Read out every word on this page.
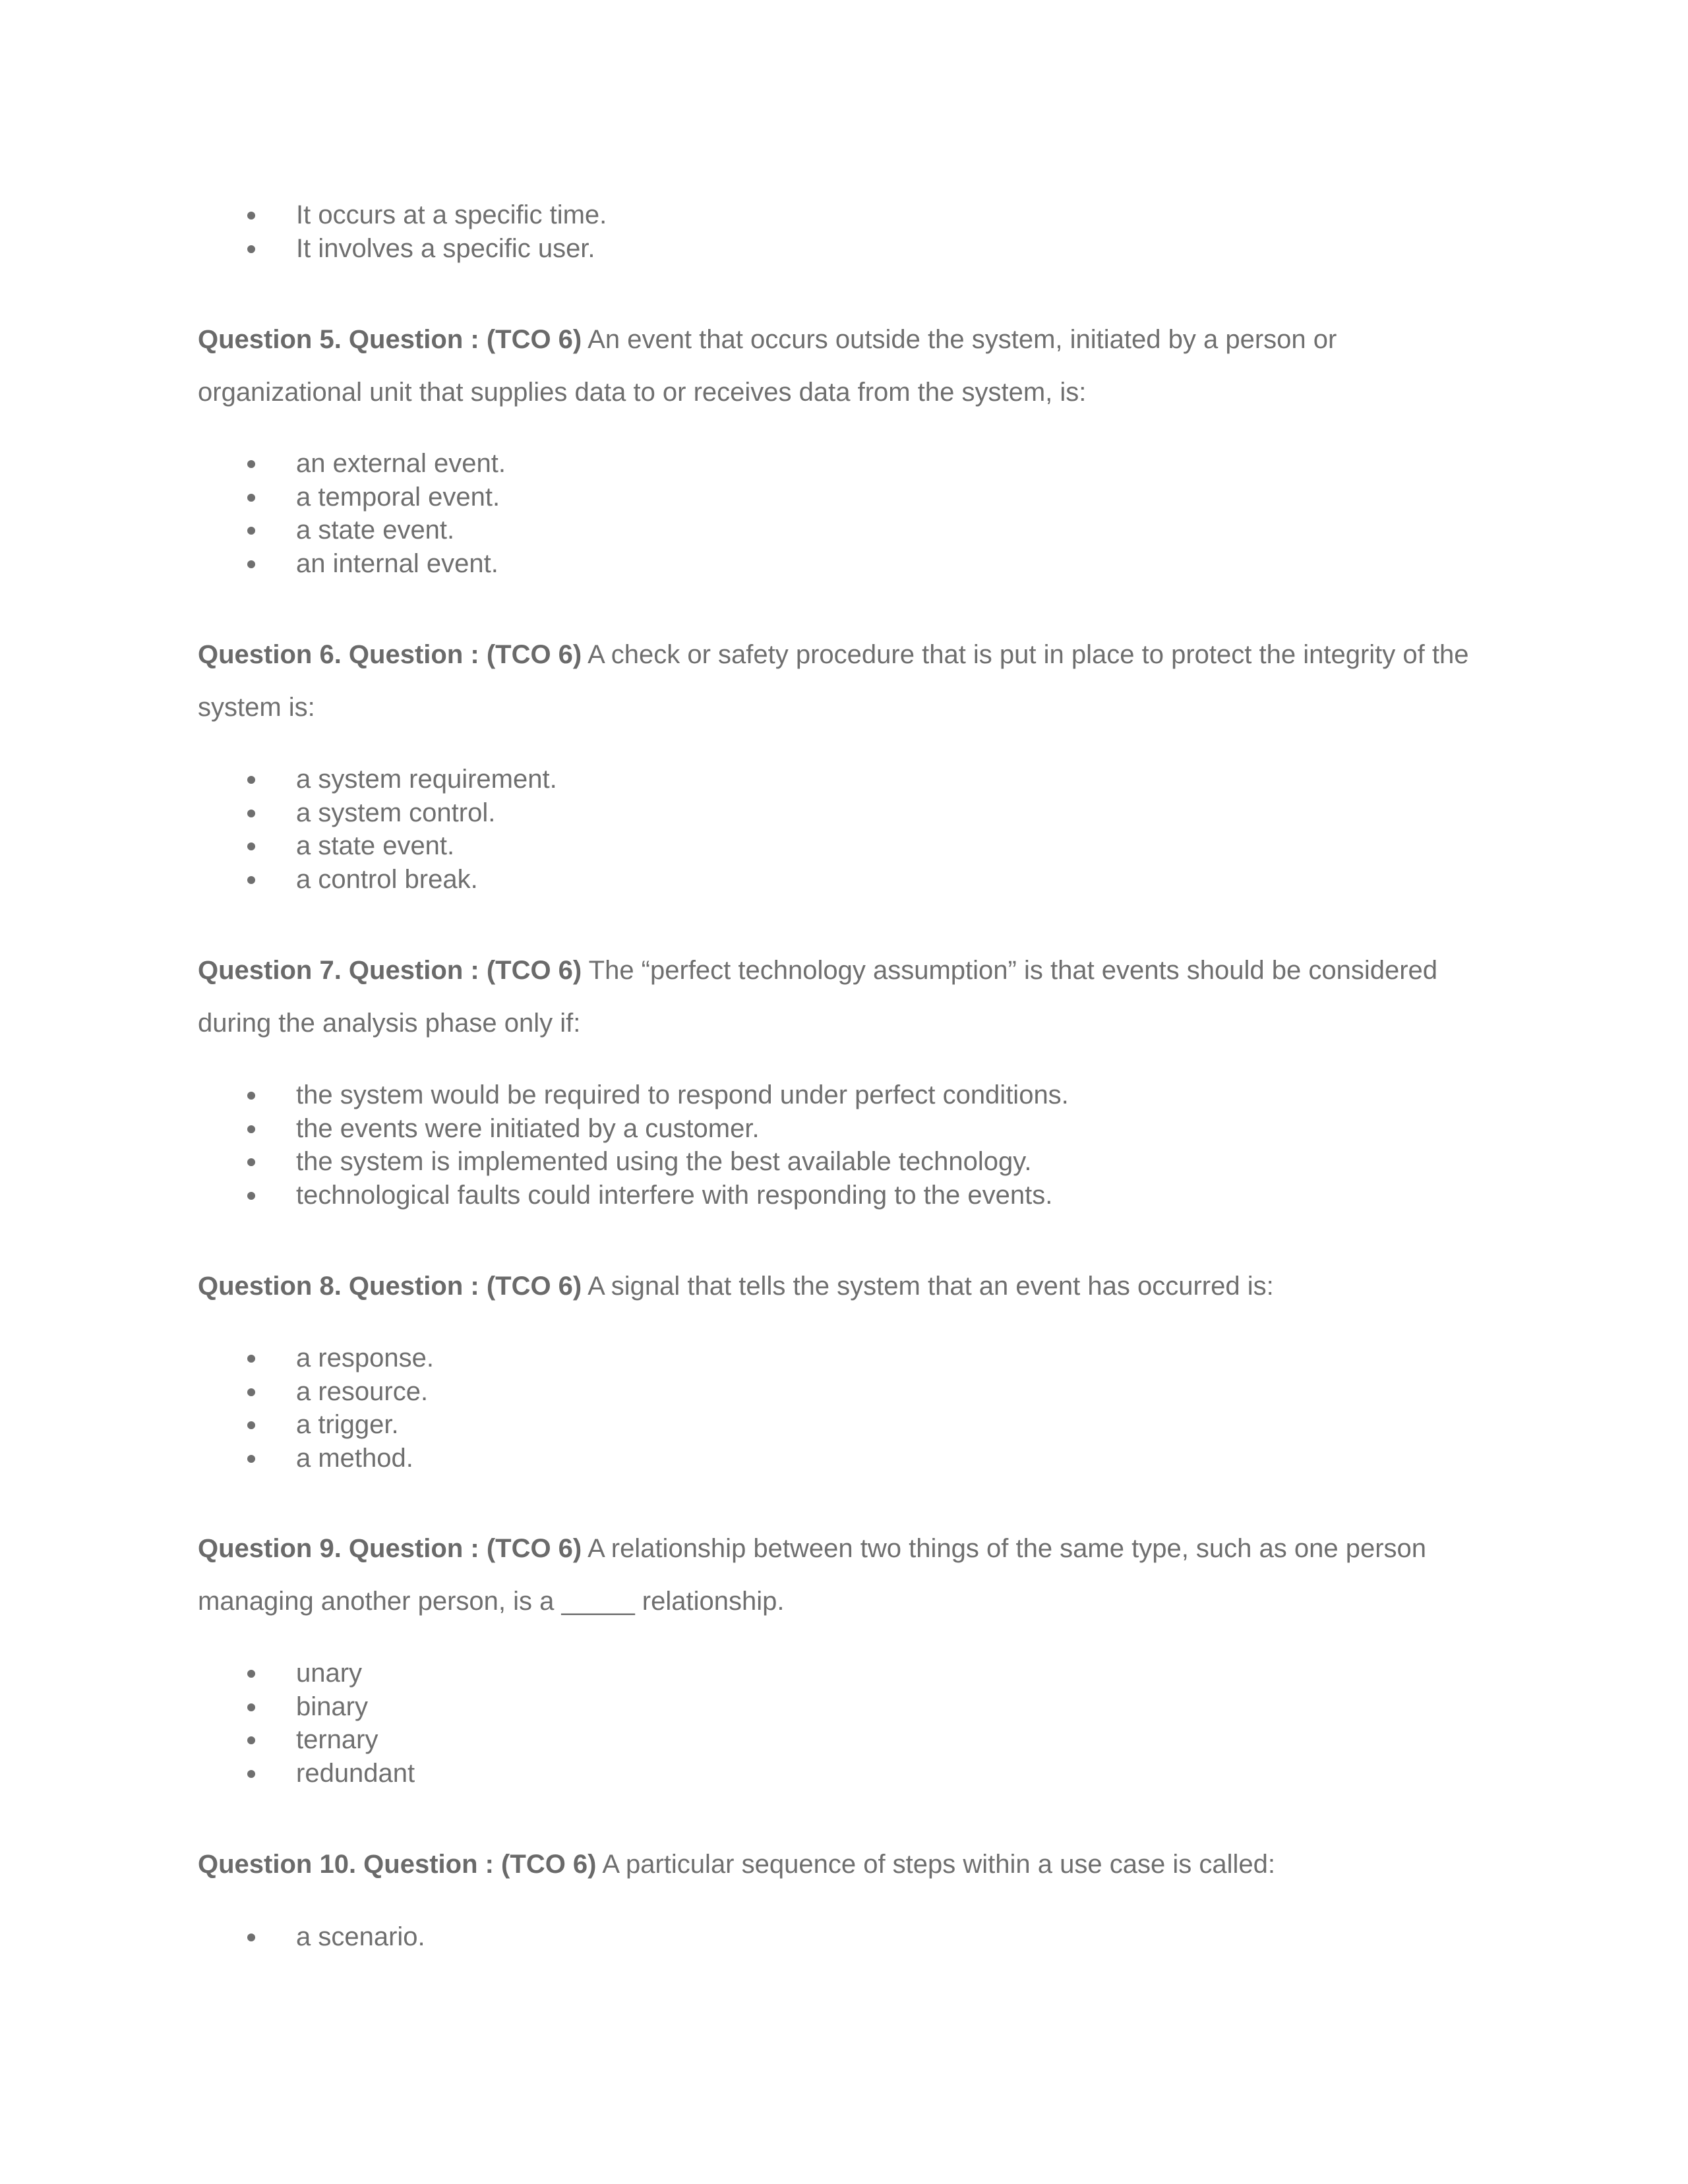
It occurs at a specific time.
It involves a specific user.

Question 5. Question : (TCO 6) An event that occurs outside the system, initiated by a person or organizational unit that supplies data to or receives data from the system, is:

an external event.
a temporal event.
a state event.
an internal event.

Question 6. Question : (TCO 6) A check or safety procedure that is put in place to protect the integrity of the system is:

a system requirement.
a system control.
a state event.
a control break.

Question 7. Question : (TCO 6) The “perfect technology assumption” is that events should be considered during the analysis phase only if:

the system would be required to respond under perfect conditions.
the events were initiated by a customer.
the system is implemented using the best available technology.
technological faults could interfere with responding to the events.

Question 8. Question : (TCO 6) A signal that tells the system that an event has occurred is:

a response.
a resource.
a trigger.
a method.

Question 9. Question : (TCO 6) A relationship between two things of the same type, such as one person managing another person, is a _____ relationship.

unary
binary
ternary
redundant

Question 10. Question : (TCO 6) A particular sequence of steps within a use case is called:

a scenario.
